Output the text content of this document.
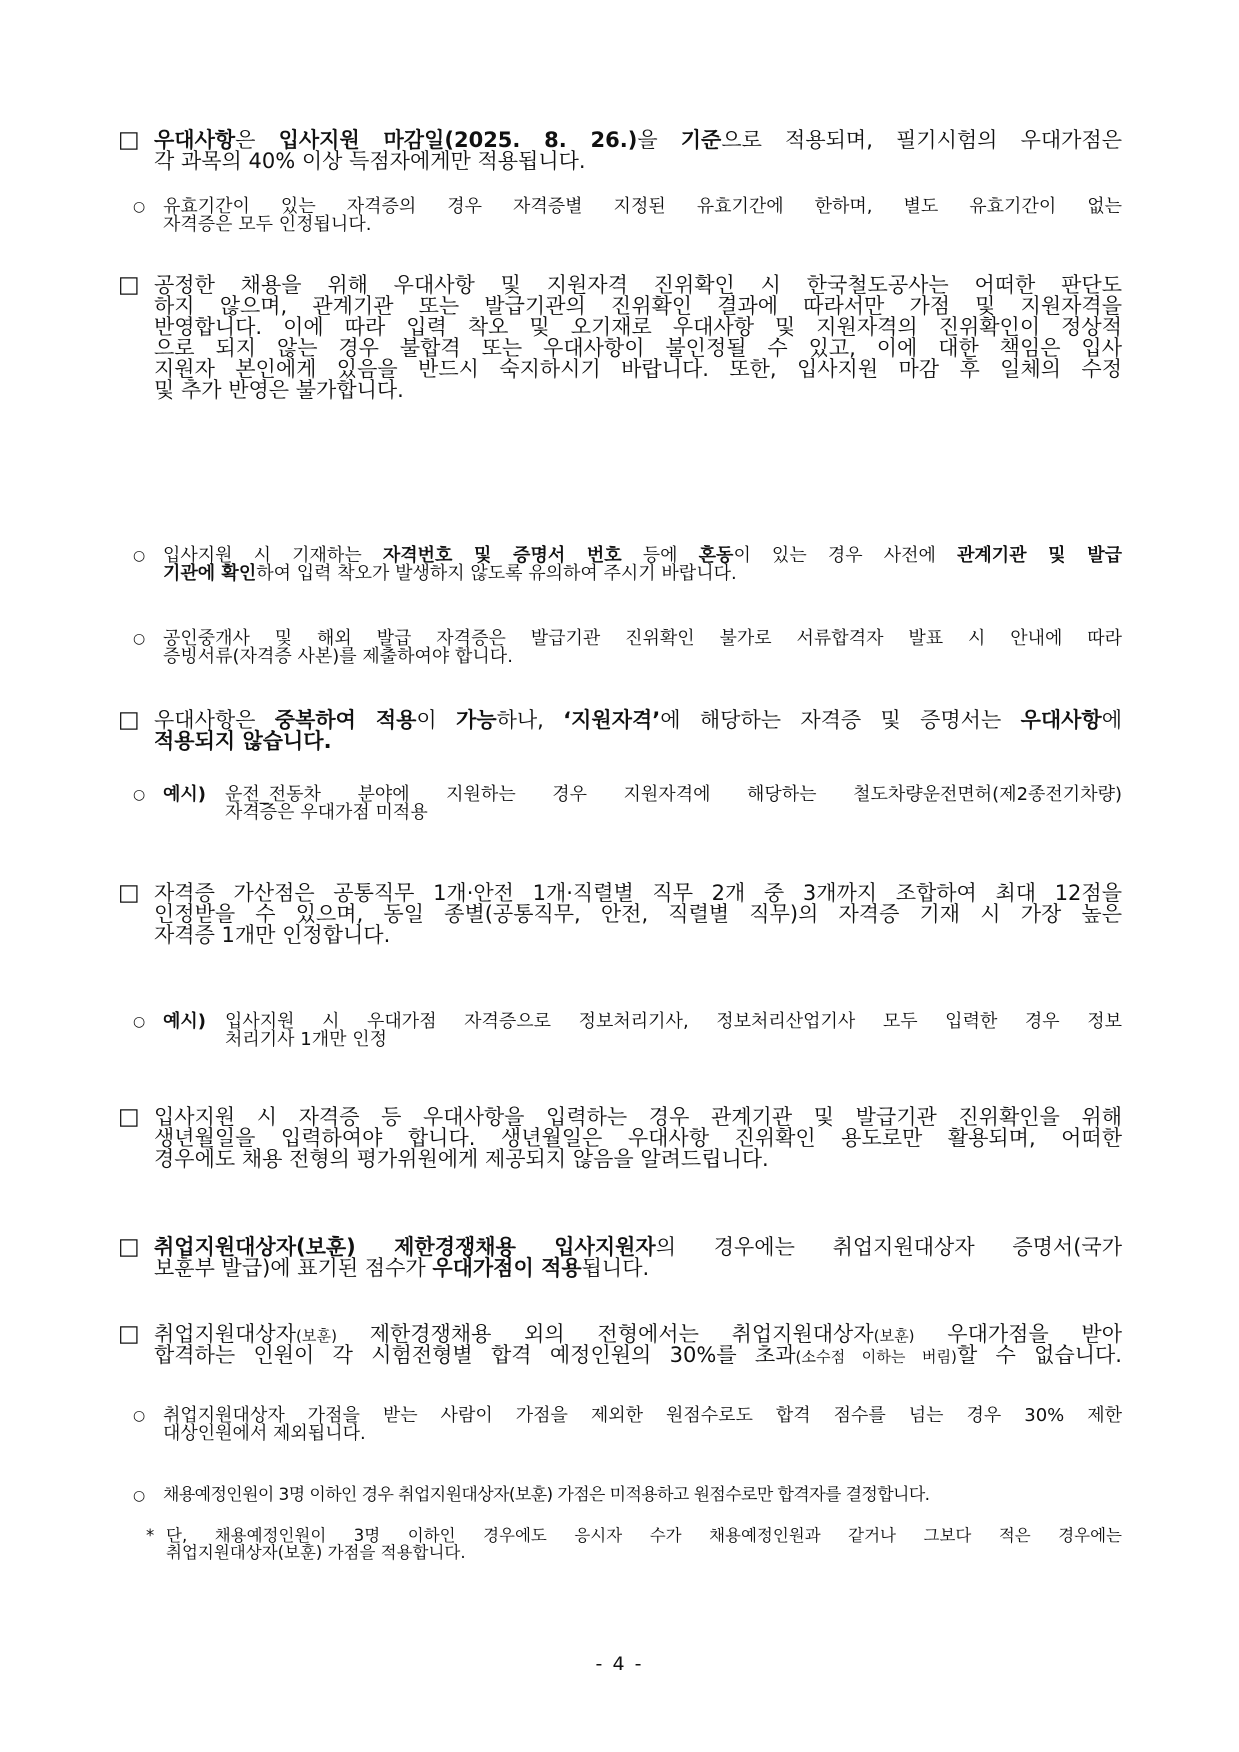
□ 우대사항은 입사지원 마감일(2025. 8. 26.)을 기준으로 적용되며, 필기시험의 우대가점은
각 과목의 40% 이상 득점자에게만 적용됩니다.
○ 유효기간이 있는 자격증의 경우 자격증별 지정된 유효기간에 한하며, 별도 유효기간이 없는
자격증은 모두 인정됩니다.
□ 공정한 채용을 위해 우대사항 및 지원자격 진위확인 시 한국철도공사는 어떠한 판단도
하지 않으며, 관계기관 또는 발급기관의 진위확인 결과에 따라서만 가점 및 지원자격을
반영합니다. 이에 따라 입력 착오 및 오기재로 우대사항 및 지원자격의 진위확인이 정상적
으로 되지 않는 경우 불합격 또는 우대사항이 불인정될 수 있고, 이에 대한 책임은 입사
지원자 본인에게 있음을 반드시 숙지하시기 바랍니다. 또한, 입사지원 마감 후 일체의 수정
및 추가 반영은 불가합니다.
○ 입사지원 시 기재하는 자격번호 및 증명서 번호 등에 혼동이 있는 경우 사전에 관계기관 및 발급
기관에 확인하여 입력 착오가 발생하지 않도록 유의하여 주시기 바랍니다.
○ 공인중개사 및 해외 발급 자격증은 발급기관 진위확인 불가로 서류합격자 발표 시 안내에 따라
증빙서류(자격증 사본)를 제출하여야 합니다.
□ 우대사항은 중복하여 적용이 가능하나, ‘지원자격’에 해당하는 자격증 및 증명서는 우대사항에
적용되지 않습니다.
○ 예시) 운전_전동차 분야에 지원하는 경우 지원자격에 해당하는 철도차량운전면허(제2종전기차량)
자격증은 우대가점 미적용
□ 자격증 가산점은 공통직무 1개·안전 1개·직렬별 직무 2개 중 3개까지 조합하여 최대 12점을
인정받을 수 있으며, 동일 종별(공통직무, 안전, 직렬별 직무)의 자격증 기재 시 가장 높은
자격증 1개만 인정합니다.
○ 예시) 입사지원 시 우대가점 자격증으로 정보처리기사, 정보처리산업기사 모두 입력한 경우 정보
처리기사 1개만 인정
□ 입사지원 시 자격증 등 우대사항을 입력하는 경우 관계기관 및 발급기관 진위확인을 위해
생년월일을 입력하여야 합니다. 생년월일은 우대사항 진위확인 용도로만 활용되며, 어떠한
경우에도 채용 전형의 평가위원에게 제공되지 않음을 알려드립니다.
□ 취업지원대상자(보훈) 제한경쟁채용 입사지원자의 경우에는 취업지원대상자 증명서(국가
보훈부 발급)에 표기된 점수가 우대가점이 적용됩니다.
□ 취업지원대상자(보훈) 제한경쟁채용 외의 전형에서는 취업지원대상자(보훈) 우대가점을 받아
합격하는 인원이 각 시험전형별 합격 예정인원의 30%를 초과(소수점 이하는 버림)할 수 없습니다.
○ 취업지원대상자 가점을 받는 사람이 가점을 제외한 원점수로도 합격 점수를 넘는 경우 30% 제한
대상인원에서 제외됩니다.
○ 채용예정인원이 3명 이하인 경우 취업지원대상자(보훈) 가점은 미적용하고 원점수로만 합격자를 결정합니다.
* 단, 채용예정인원이 3명 이하인 경우에도 응시자 수가 채용예정인원과 같거나 그보다 적은 경우에는
취업지원대상자(보훈) 가점을 적용합니다.
- 4 -
